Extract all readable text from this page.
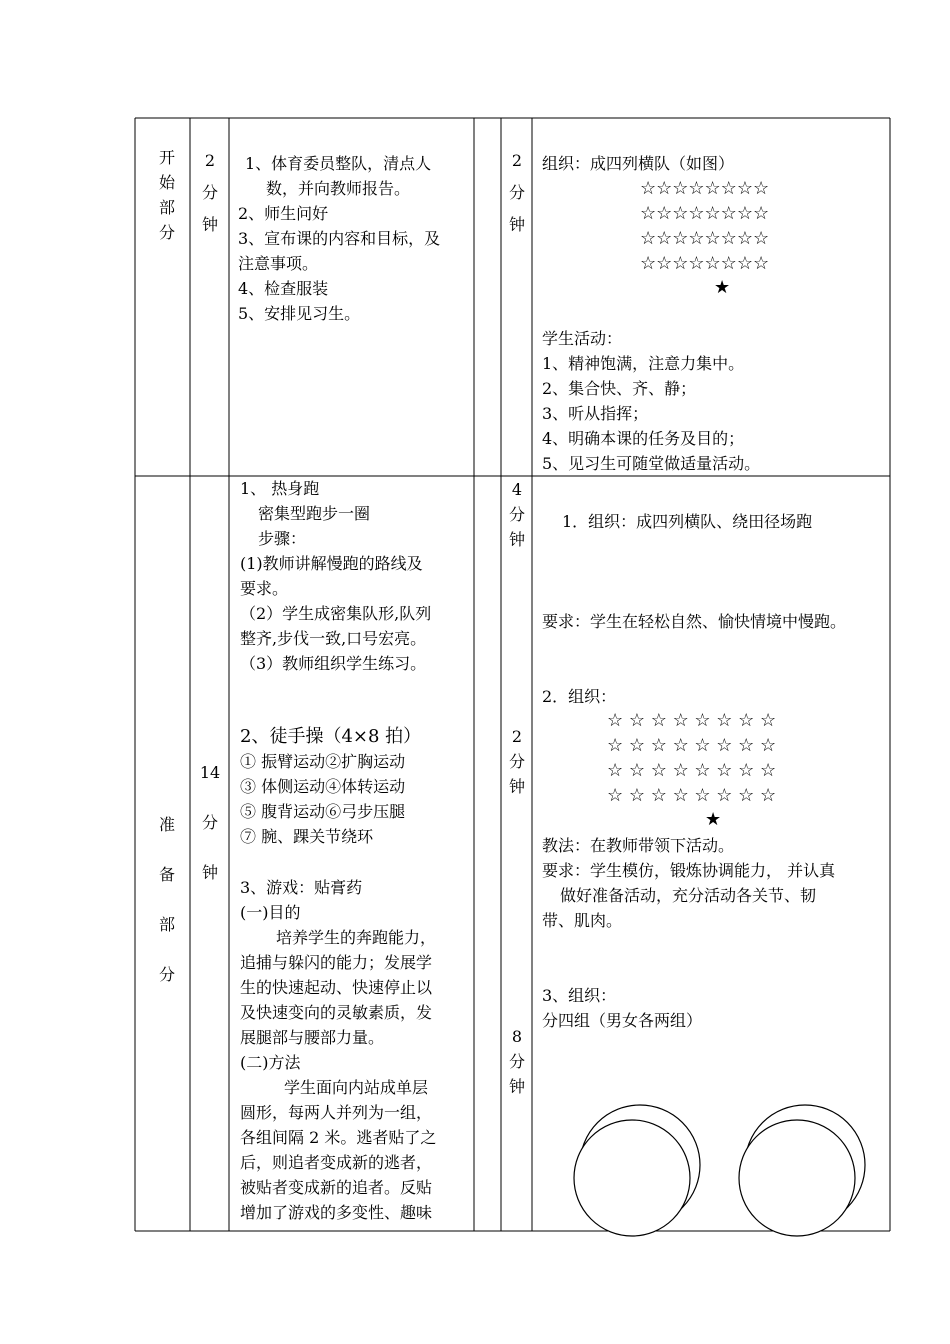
开
始
部
分
2
分
钟
1、体育委员整队，清点人
数，并向教师报告。
2、师生问好
3、宣布课的内容和目标，及
注意事项。
4、检查服装
5、安排见习生。
2
分
钟
组织：成四列横队（如图）
☆☆☆☆☆☆☆☆
☆☆☆☆☆☆☆☆
☆☆☆☆☆☆☆☆
☆☆☆☆☆☆☆☆
★
学生活动：
1、精神饱满，注意力集中。
2、集合快、齐、静；
3、听从指挥；
4、明确本课的任务及目的；
5、见习生可随堂做适量活动。
准
备
部
分
14
分
钟
1、 热身跑
密集型跑步一圈
步骤：
(1)教师讲解慢跑的路线及
要求。
（2）学生成密集队形,队列
整齐,步伐一致,口号宏亮。
（3）教师组织学生练习。
2、徒手操（4×8 拍）
① 振臂运动②扩胸运动
③ 体侧运动④体转运动
⑤ 腹背运动⑥弓步压腿
⑦ 腕、踝关节绕环
3、游戏：贴膏药
(一)目的
培养学生的奔跑能力，
追捕与躲闪的能力；发展学
生的快速起动、快速停止以
及快速变向的灵敏素质，发
展腿部与腰部力量。
(二)方法
学生面向内站成单层
圆形，每两人并列为一组，
各组间隔 2 米。逃者贴了之
后，则追者变成新的逃者，
被贴者变成新的追者。反贴
增加了游戏的多变性、趣味
4
分
钟
2
分
钟
8
分
钟
1．组织：成四列横队、绕田径场跑
要求：学生在轻松自然、愉快情境中慢跑。
2．组织：
☆ ☆ ☆ ☆ ☆ ☆ ☆ ☆
☆ ☆ ☆ ☆ ☆ ☆ ☆ ☆
☆ ☆ ☆ ☆ ☆ ☆ ☆ ☆
☆ ☆ ☆ ☆ ☆ ☆ ☆ ☆
★
教法：在教师带领下活动。
要求：学生模仿，锻炼协调能力， 并认真
做好准备活动，充分活动各关节、韧
带、肌肉。
3、组织：
分四组（男女各两组）
